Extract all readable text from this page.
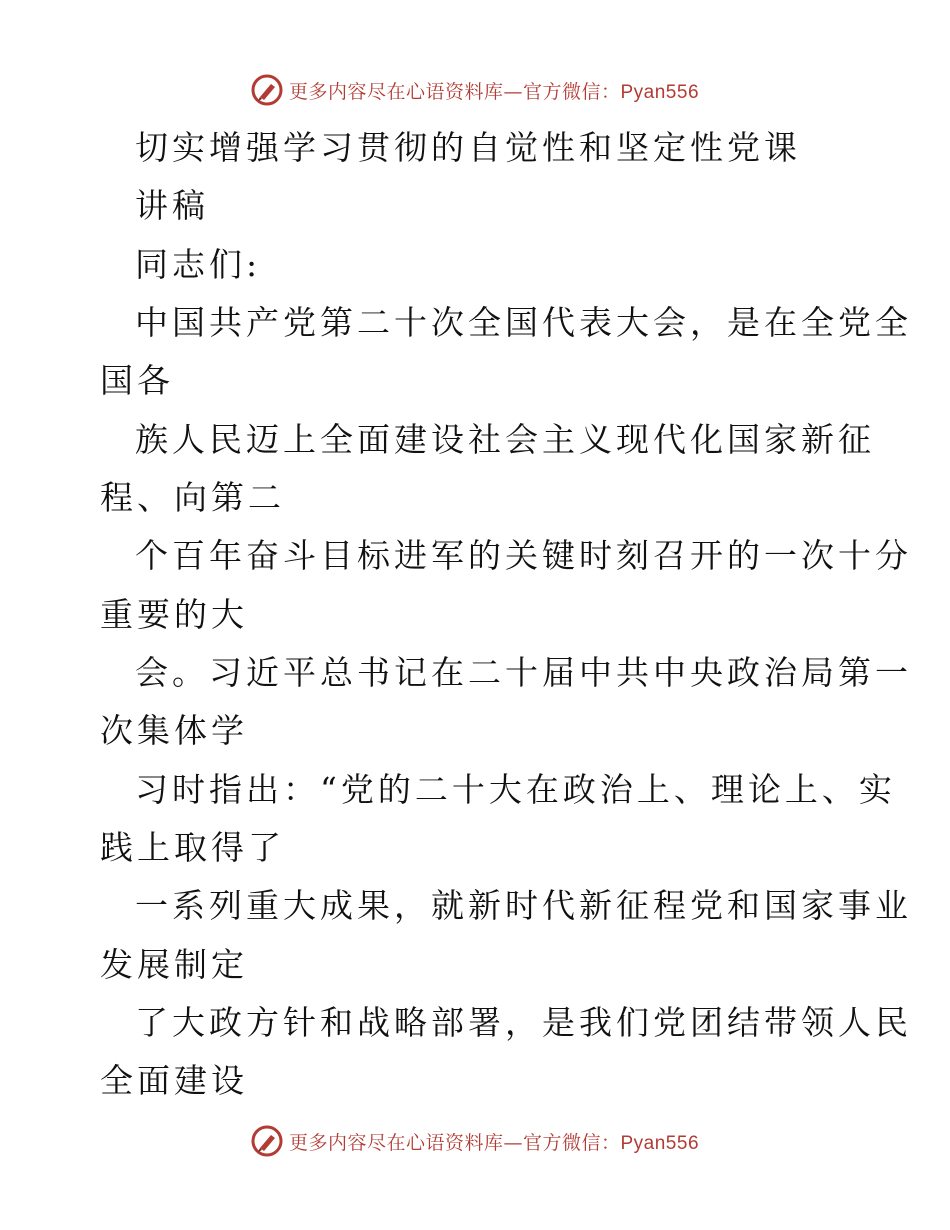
更多内容尽在心语资料库—官方微信：Pyan556
切实增强学习贯彻的自觉性和坚定性党课
讲稿
同志们:
中国共产党第二十次全国代表大会，是在全党全
国各
族人民迈上全面建设社会主义现代化国家新征
程、向第二
个百年奋斗目标进军的关键时刻召开的一次十分
重要的大
会。习近平总书记在二十届中共中央政治局第一
次集体学
习时指出：“党的二十大在政治上、理论上、实
践上取得了
一系列重大成果，就新时代新征程党和国家事业
发展制定
了大政方针和战略部署，是我们党团结带领人民
全面建设
更多内容尽在心语资料库—官方微信：Pyan556
